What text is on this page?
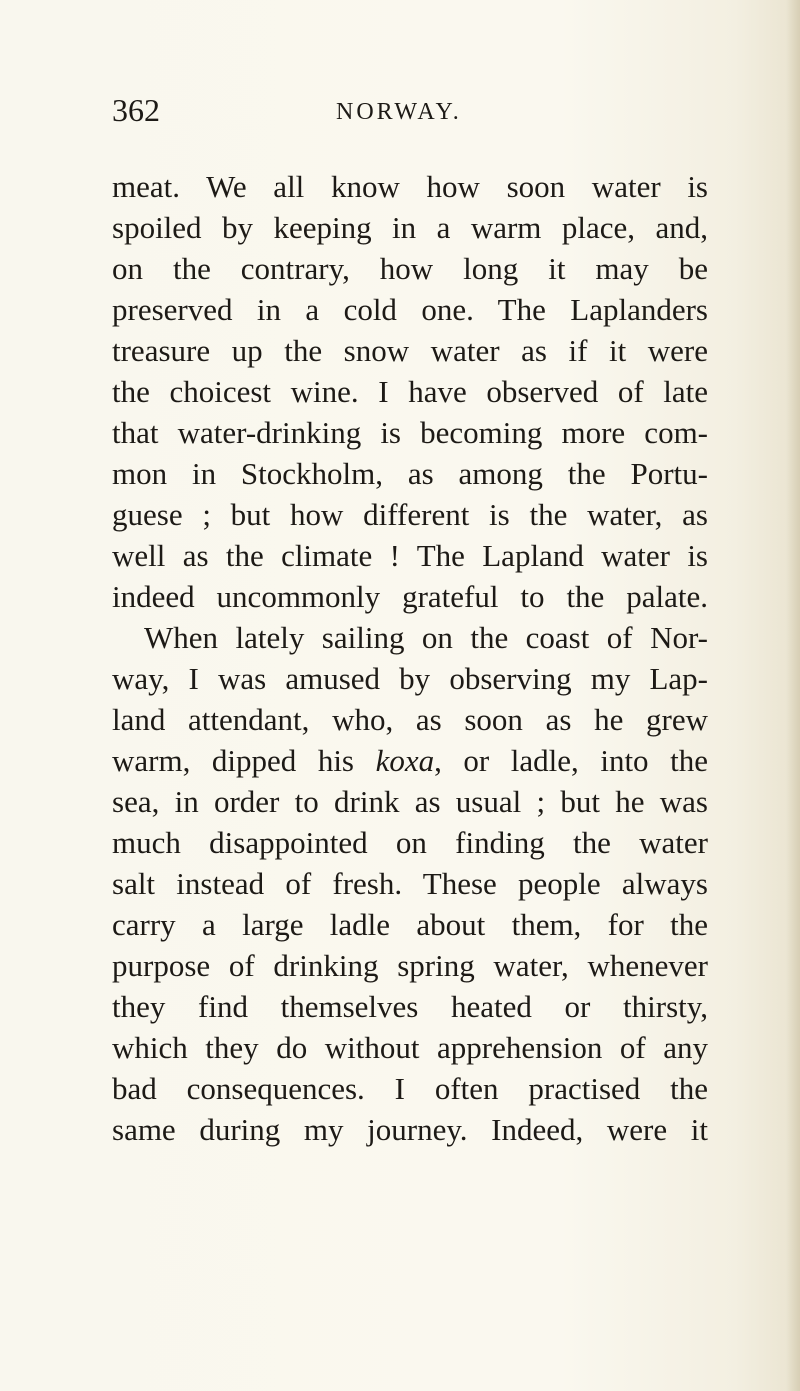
362	NORWAY.
meat. We all know how soon water is
spoiled by keeping in a warm place, and,
on the contrary, how long it may be
preserved in a cold one. The Laplanders
treasure up the snow water as if it were
the choicest wine. I have observed of late
that water-drinking is becoming more com-
mon in Stockholm, as among the Portu-
guese ; but how different is the water, as
well as the climate ! The Lapland water is
indeed uncommonly grateful to the palate.
When lately sailing on the coast of Nor-
way, I was amused by observing my Lap-
land attendant, who, as soon as he grew
warm, dipped his koxa, or ladle, into the
sea, in order to drink as usual ; but he was
much disappointed on finding the water
salt instead of fresh. These people always
carry a large ladle about them, for the
purpose of drinking spring water, whenever
they find themselves heated or thirsty,
which they do without apprehension of any
bad consequences. I often practised the
same during my journey. Indeed, were it
